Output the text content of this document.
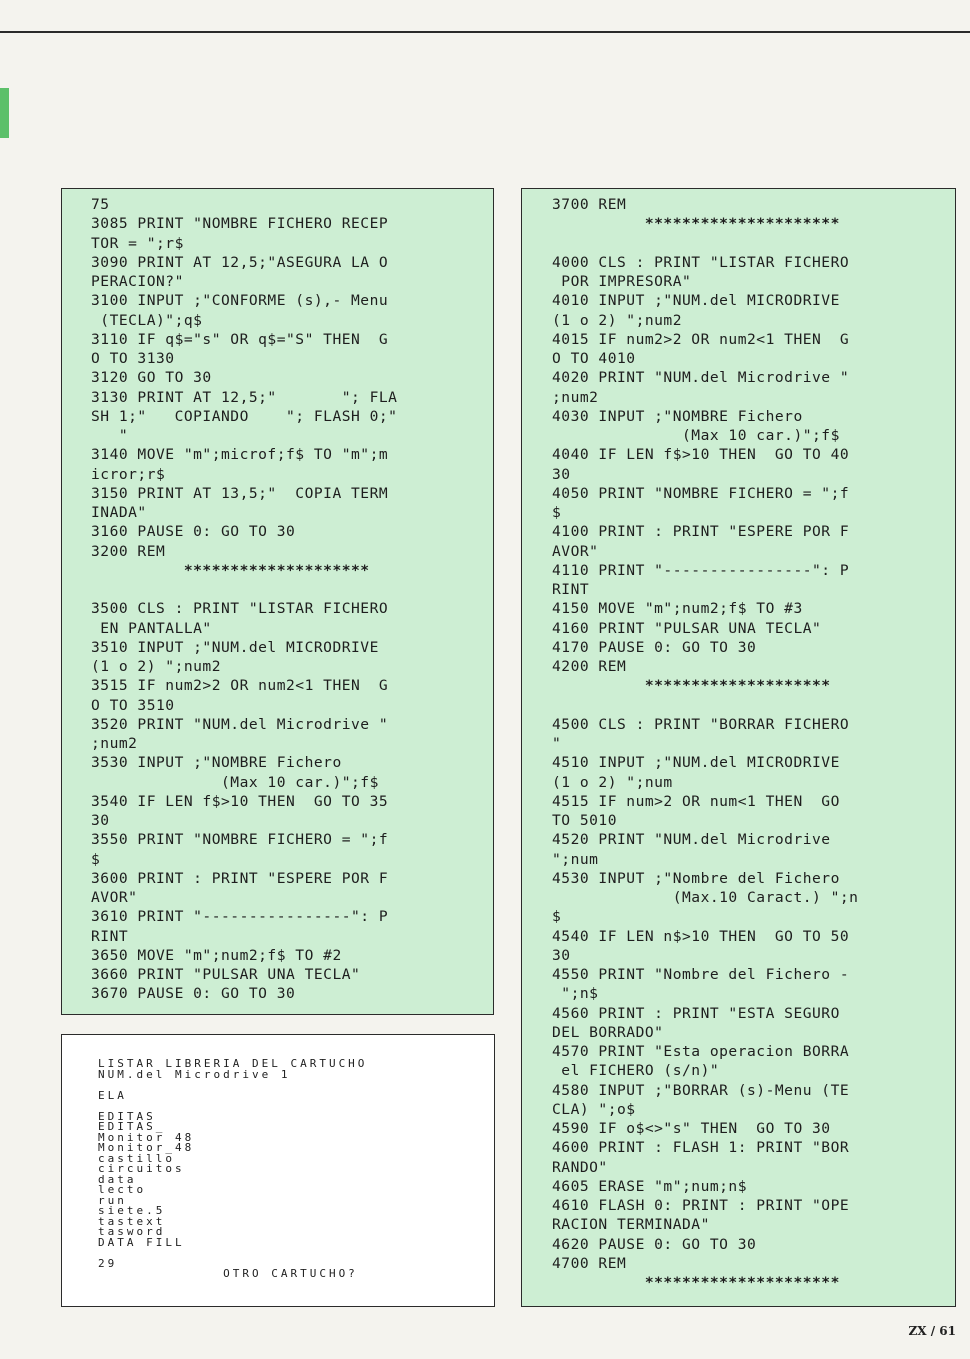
75
3085 PRINT "NOMBRE FICHERO RECEP
TOR = ";r$
3090 PRINT AT 12,5;"ASEGURA LA O
PERACION?"
3100 INPUT ;"CONFORME (s),- Menu
(TECLA)";q$
3110 IF q$="s" OR q$="S" THEN  G
O TO 3130
3120 GO TO 30
3130 PRINT AT 12,5;"       "; FLA
SH 1;"   COPIANDO    "; FLASH 0;"
"
3140 MOVE "m";microf;f$ TO "m";m
icror;r$
3150 PRINT AT 13,5;"  COPIA TERM
INADA"
3160 PAUSE 0: GO TO 30
3200 REM
********************
3500 CLS : PRINT "LISTAR FICHERO
EN PANTALLA"
3510 INPUT ;"NUM.del MICRODRIVE
(1 o 2) ";num2
3515 IF num2>2 OR num2<1 THEN  G
O TO 3510
3520 PRINT "NUM.del Microdrive "
;num2
3530 INPUT ;"NOMBRE Fichero
(Max 10 car.)";f$
3540 IF LEN f$>10 THEN  GO TO 35
30
3550 PRINT "NOMBRE FICHERO = ";f
$
3600 PRINT : PRINT "ESPERE POR F
AVOR"
3610 PRINT "----------------": P
RINT
3650 MOVE "m";num2;f$ TO #2
3660 PRINT "PULSAR UNA TECLA"
3670 PAUSE 0: GO TO 30
3700 REM
*********************
4000 CLS : PRINT "LISTAR FICHERO
POR IMPRESORA"
4010 INPUT ;"NUM.del MICRODRIVE
(1 o 2) ";num2
4015 IF num2>2 OR num2<1 THEN  G
O TO 4010
4020 PRINT "NUM.del Microdrive "
;num2
4030 INPUT ;"NOMBRE Fichero
(Max 10 car.)";f$
4040 IF LEN f$>10 THEN  GO TO 40
30
4050 PRINT "NOMBRE FICHERO = ";f
$
4100 PRINT : PRINT "ESPERE POR F
AVOR"
4110 PRINT "----------------": P
RINT
4150 MOVE "m";num2;f$ TO #3
4160 PRINT "PULSAR UNA TECLA"
4170 PAUSE 0: GO TO 30
4200 REM
********************
4500 CLS : PRINT "BORRAR FICHERO
"
4510 INPUT ;"NUM.del MICRODRIVE
(1 o 2) ";num
4515 IF num>2 OR num<1 THEN  GO
TO 5010
4520 PRINT "NUM.del Microdrive
";num
4530 INPUT ;"Nombre del Fichero
(Max.10 Caract.) ";n
$
4540 IF LEN n$>10 THEN  GO TO 50
30
4550 PRINT "Nombre del Fichero -
";n$
4560 PRINT : PRINT "ESTA SEGURO
DEL BORRADO"
4570 PRINT "Esta operacion BORRA
el FICHERO (s/n)"
4580 INPUT ;"BORRAR (s)-Menu (TE
CLA) ";o$
4590 IF o$<>"s" THEN  GO TO 30
4600 PRINT : FLASH 1: PRINT "BOR
RANDO"
4605 ERASE "m";num;n$
4610 FLASH 0: PRINT : PRINT "OPE
RACION TERMINADA"
4620 PAUSE 0: GO TO 30
4700 REM
*********************
LISTAR LIBRERIA DEL CARTUCHO
NUM.del Microdrive 1
ELA
EDITAS
EDITAS_
Monitor 48
Monitor_48
castillo
circuitos
data
lecto
run
siete.5
tastext
tasword
DATA FILL
29
OTRO CARTUCHO?
ZX / 61
